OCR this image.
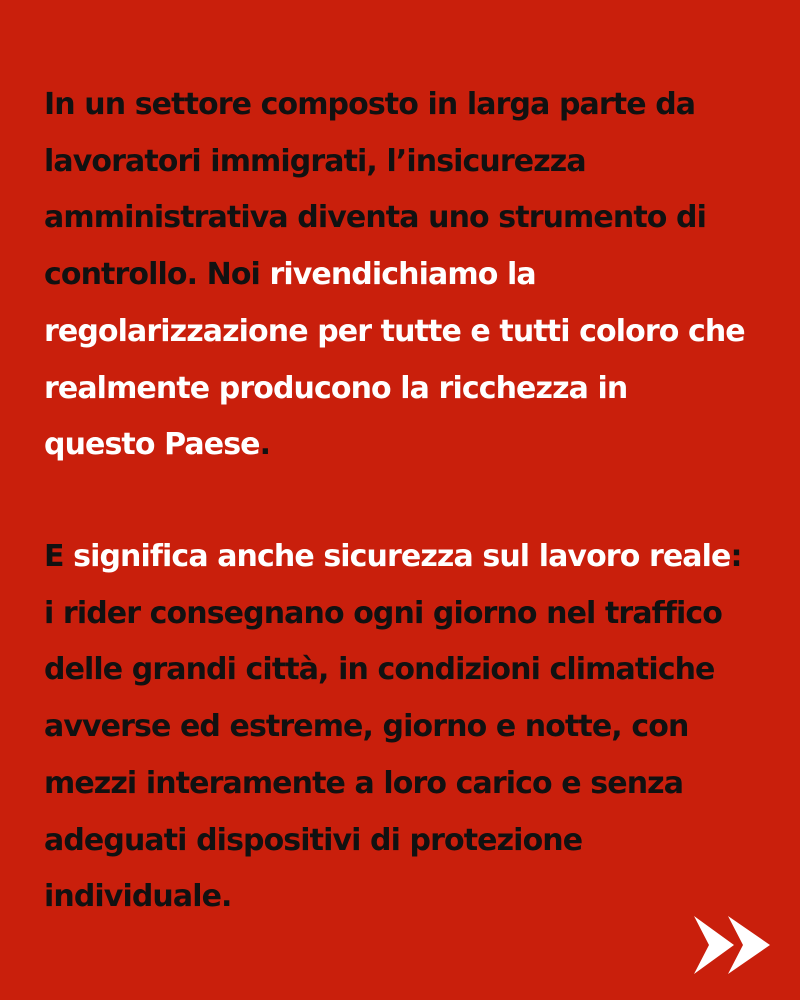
In un settore composto in larga parte da
lavoratori immigrati, l’insicurezza
amministrativa diventa uno strumento di
controllo. Noi rivendichiamo la
regolarizzazione per tutte e tutti coloro che
realmente producono la ricchezza in
questo Paese.
E significa anche sicurezza sul lavoro reale:
i rider consegnano ogni giorno nel traffico
delle grandi città, in condizioni climatiche
avverse ed estreme, giorno e notte, con
mezzi interamente a loro carico e senza
adeguati dispositivi di protezione
individuale.
